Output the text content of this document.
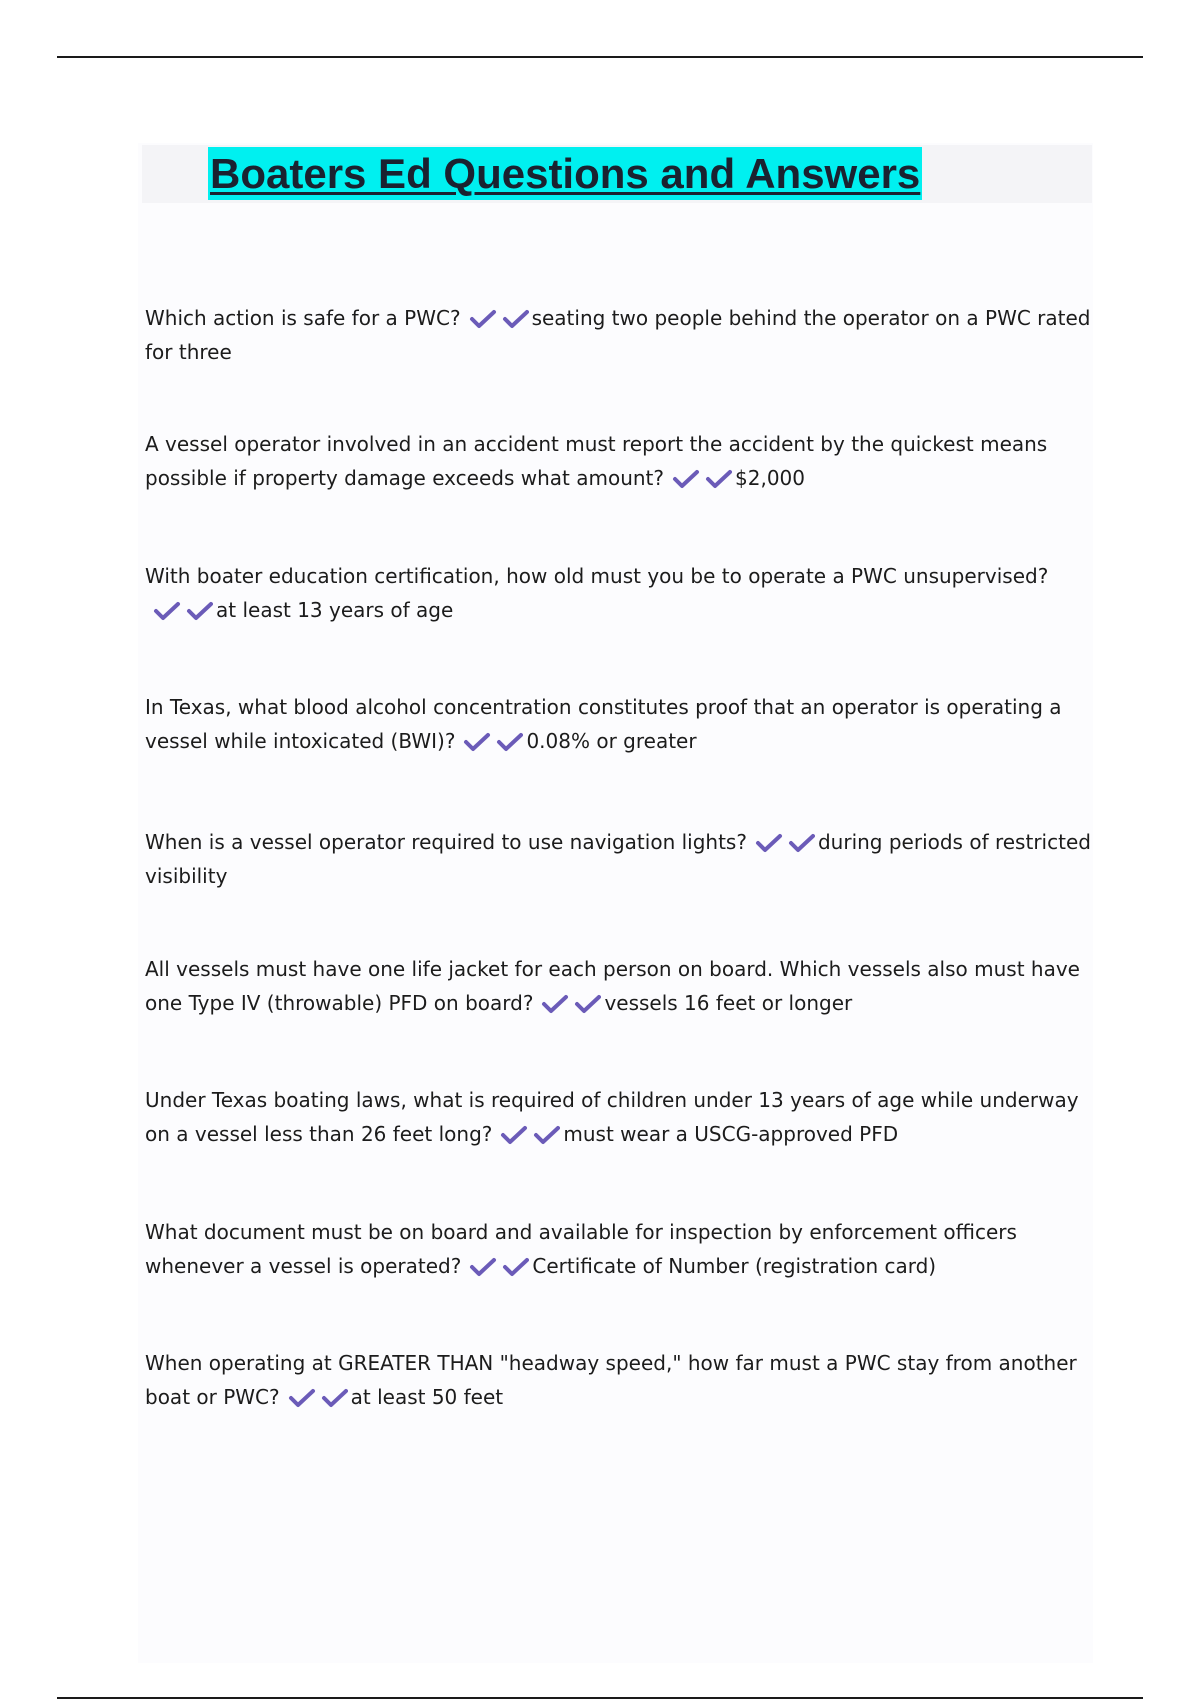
Boaters Ed Questions and Answers

Which action is safe for a PWC?	seating two people behind the operator on a PWC rated for three

A vessel operator involved in an accident must report the accident by the quickest means possible if property damage exceeds what amount?	$2,000

With boater education certification, how old must you be to operate a PWC unsupervised?
at least 13 years of age

In Texas, what blood alcohol concentration constitutes proof that an operator is operating a vessel while intoxicated (BWI)?	0.08% or greater

When is a vessel operator required to use navigation lights?	during periods of restricted visibility

All vessels must have one life jacket for each person on board. Which vessels also must have one Type IV (throwable) PFD on board?	vessels 16 feet or longer

Under Texas boating laws, what is required of children under 13 years of age while underway on a vessel less than 26 feet long?	must wear a USCG-approved PFD

What document must be on board and available for inspection by enforcement officers whenever a vessel is operated?	Certificate of Number (registration card)

When operating at GREATER THAN "headway speed," how far must a PWC stay from another boat or PWC?	at least 50 feet
